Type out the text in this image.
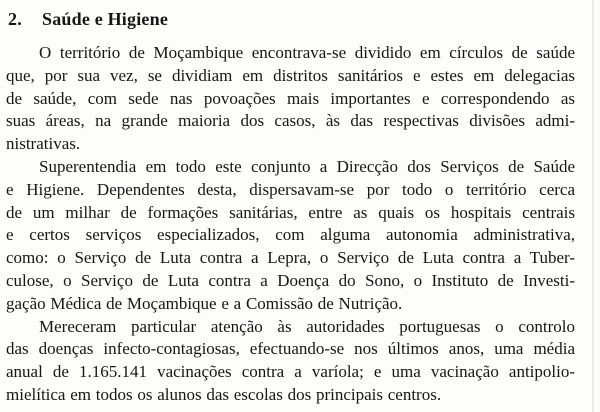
2. Saúde e Higiene
O território de Moçambique encontrava-se dividido em círculos de saúde
que, por sua vez, se dividiam em distritos sanitários e estes em delegacias
de saúde, com sede nas povoações mais importantes e correspondendo as
suas áreas, na grande maioria dos casos, às das respectivas divisões admi-
nistrativas.
Superentendia em todo este conjunto a Direcção dos Serviços de Saúde
e Higiene. Dependentes desta, dispersavam-se por todo o território cerca
de um milhar de formações sanitárias, entre as quais os hospitais centrais
e certos serviços especializados, com alguma autonomia administrativa,
como: o Serviço de Luta contra a Lepra, o Serviço de Luta contra a Tuber-
culose, o Serviço de Luta contra a Doença do Sono, o Instituto de Investi-
gação Médica de Moçambique e a Comissão de Nutrição.
Mereceram particular atenção às autoridades portuguesas o controlo
das doenças infecto-contagiosas, efectuando-se nos últimos anos, uma média
anual de 1.165.141 vacinações contra a varíola; e uma vacinação antipolio-
mielítica em todos os alunos das escolas dos principais centros.
